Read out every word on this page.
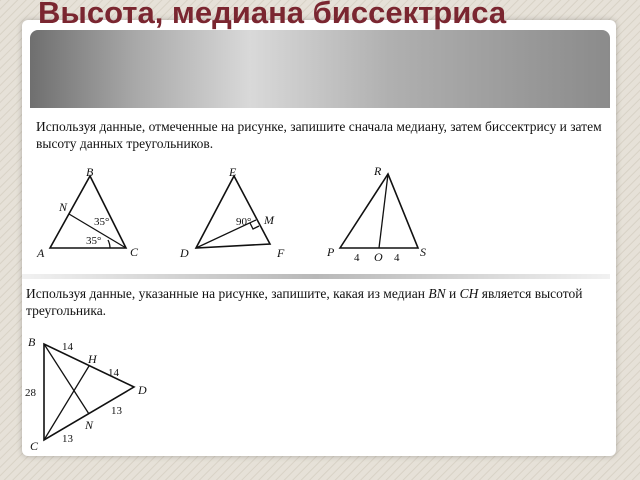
Высота, медиана биссектриса

Используя данные, отмеченные на рисунке, запишите сначала медиану, затем биссектрису и затем высоту данных треугольников.

B
N
A	C
35°
35°
E
90° M
D	F
R
P	S
O
4	4

Используя данные, указанные на рисунке, запишите, какая из медиан BN и CH является высотой треугольника.

B
H
D
N
C
14
14
28
13
13
